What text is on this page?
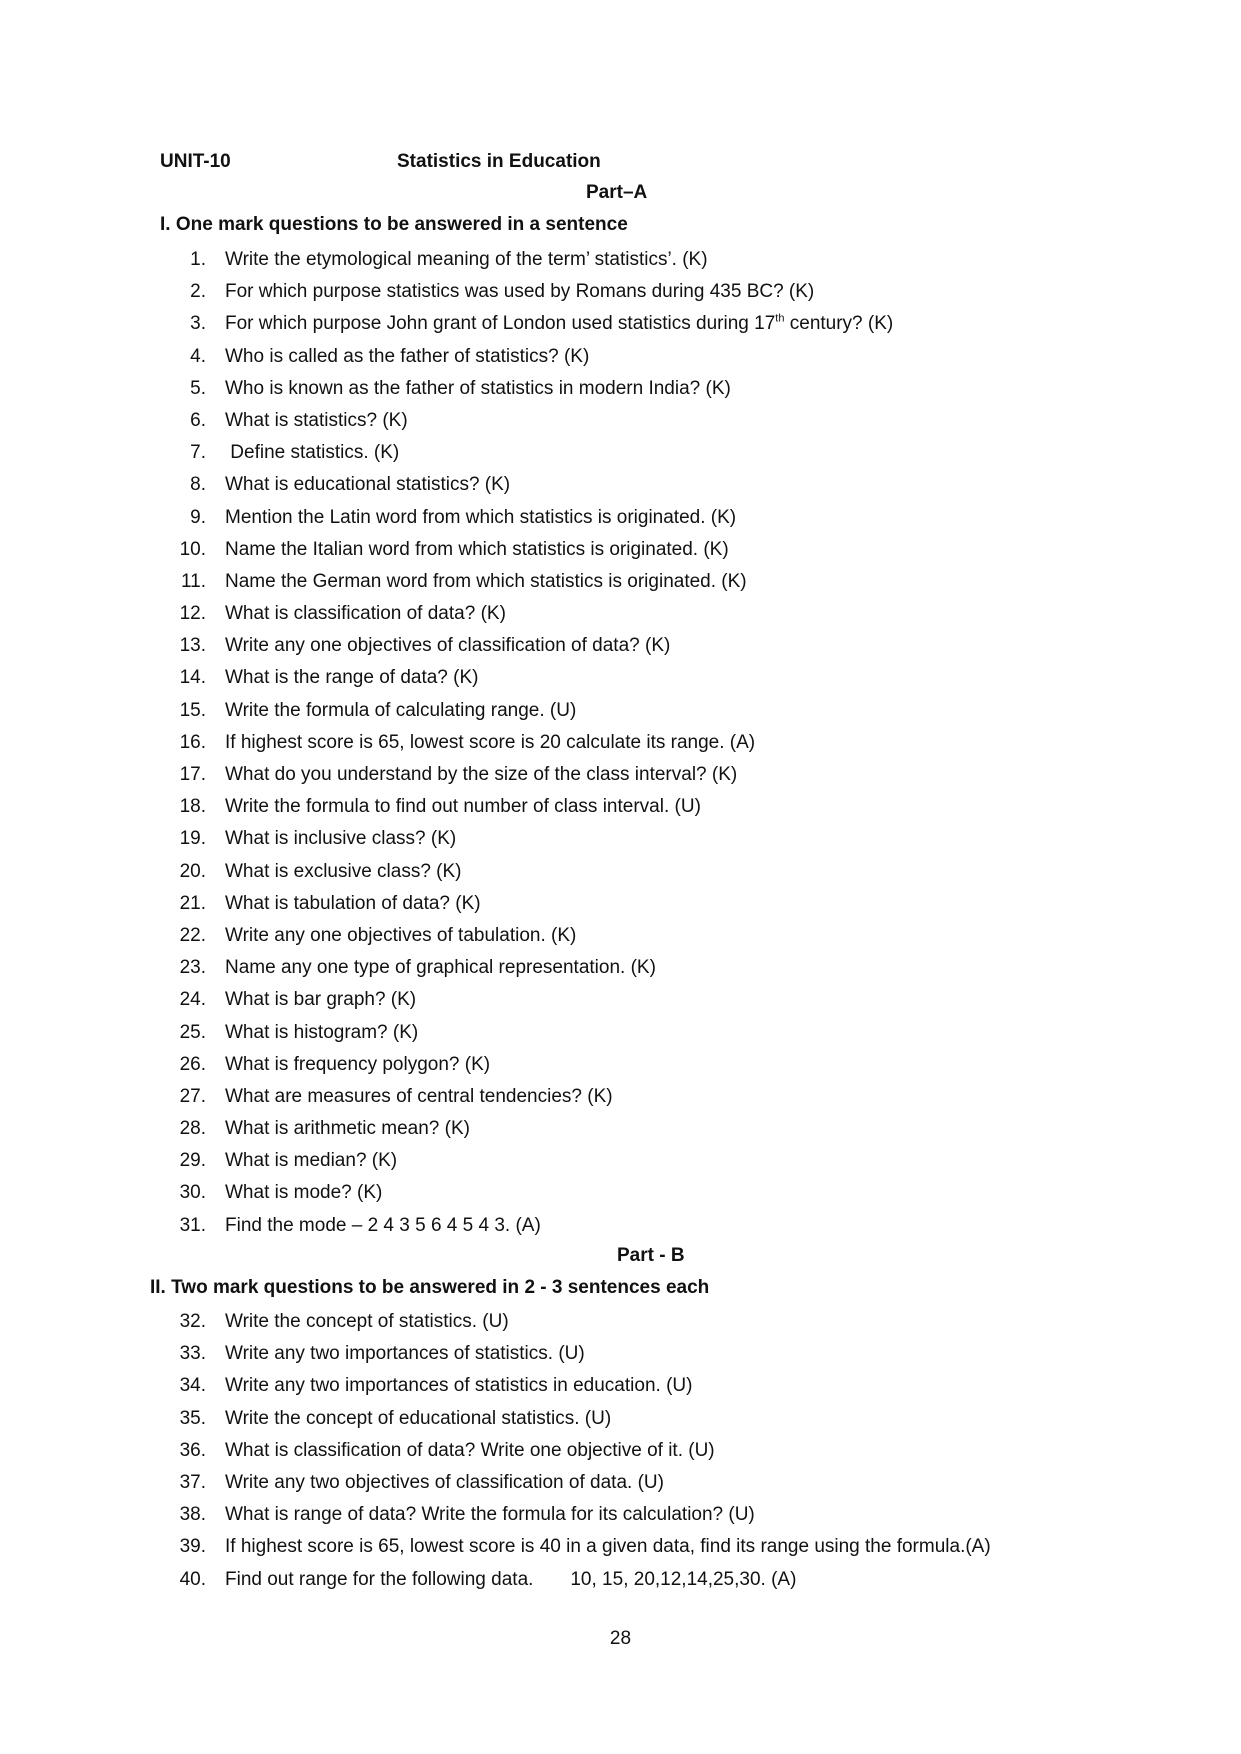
UNIT-10	Statistics in Education
Part–A
I. One mark questions to be answered in a sentence
1. Write the etymological meaning of the term’ statistics’. (K)
2. For which purpose statistics was used by Romans during 435 BC? (K)
3. For which purpose John grant of London used statistics during 17th century? (K)
4. Who is called as the father of statistics? (K)
5. Who is known as the father of statistics in modern India? (K)
6. What is statistics? (K)
7. Define statistics. (K)
8. What is educational statistics? (K)
9. Mention the Latin word from which statistics is originated. (K)
10. Name the Italian word from which statistics is originated. (K)
11. Name the German word from which statistics is originated. (K)
12. What is classification of data? (K)
13. Write any one objectives of classification of data? (K)
14. What is the range of data? (K)
15. Write the formula of calculating range. (U)
16. If highest score is 65, lowest score is 20 calculate its range. (A)
17. What do you understand by the size of the class interval? (K)
18. Write the formula to find out number of class interval. (U)
19. What is inclusive class? (K)
20. What is exclusive class? (K)
21. What is tabulation of data? (K)
22. Write any one objectives of tabulation. (K)
23. Name any one type of graphical representation. (K)
24. What is bar graph? (K)
25. What is histogram? (K)
26. What is frequency polygon? (K)
27. What are measures of central tendencies? (K)
28. What is arithmetic mean? (K)
29. What is median? (K)
30. What is mode? (K)
31. Find the mode – 2 4 3 5 6 4 5 4 3. (A)
Part - B
II. Two mark questions to be answered in 2 - 3 sentences each
32. Write the concept of statistics. (U)
33. Write any two importances of statistics. (U)
34. Write any two importances of statistics in education. (U)
35. Write the concept of educational statistics. (U)
36. What is classification of data? Write one objective of it. (U)
37. Write any two objectives of classification of data. (U)
38. What is range of data? Write the formula for its calculation? (U)
39. If highest score is 65, lowest score is 40 in a given data, find its range using the formula.(A)
40. Find out range for the following data.       10, 15, 20,12,14,25,30. (A)
28
